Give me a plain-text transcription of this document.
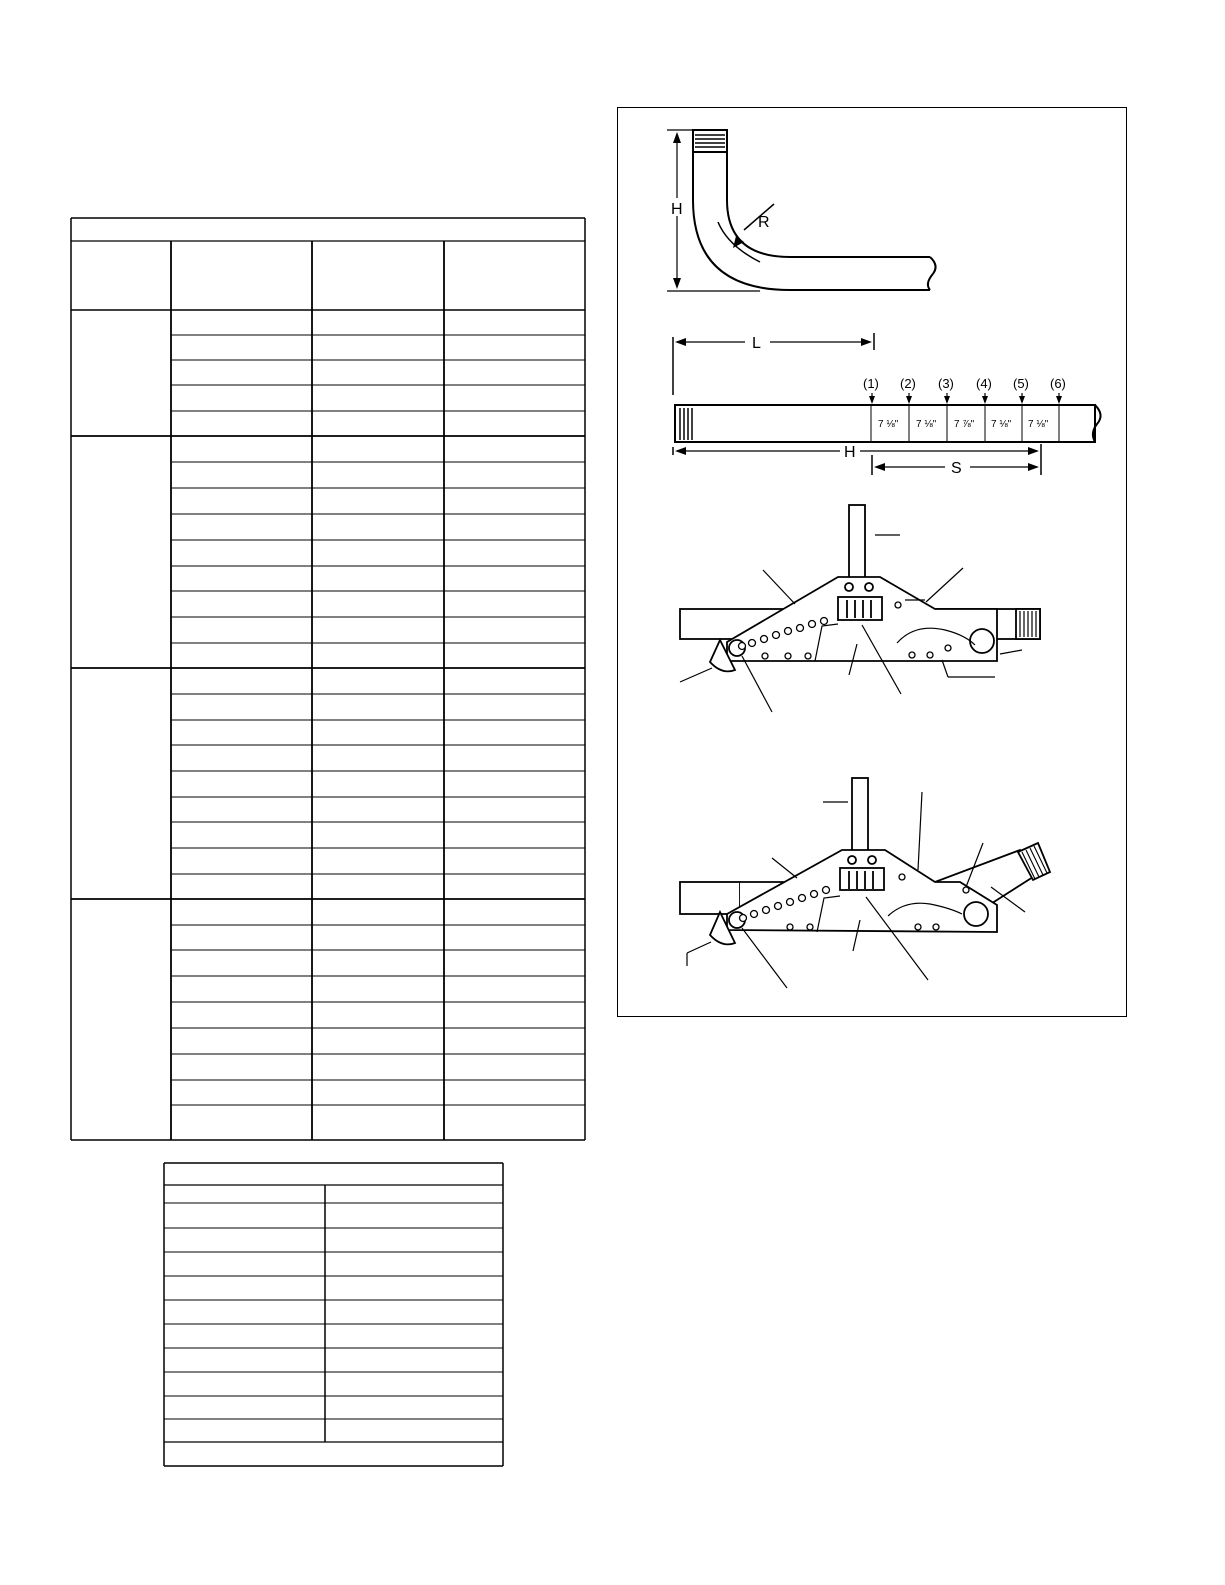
H
R
L
H
S
(1) (2) (3) (4) (5) (6)
7 ⅛" 7 ⅛" 7 ⅞" 7 ⅛" 7 ⅛"
